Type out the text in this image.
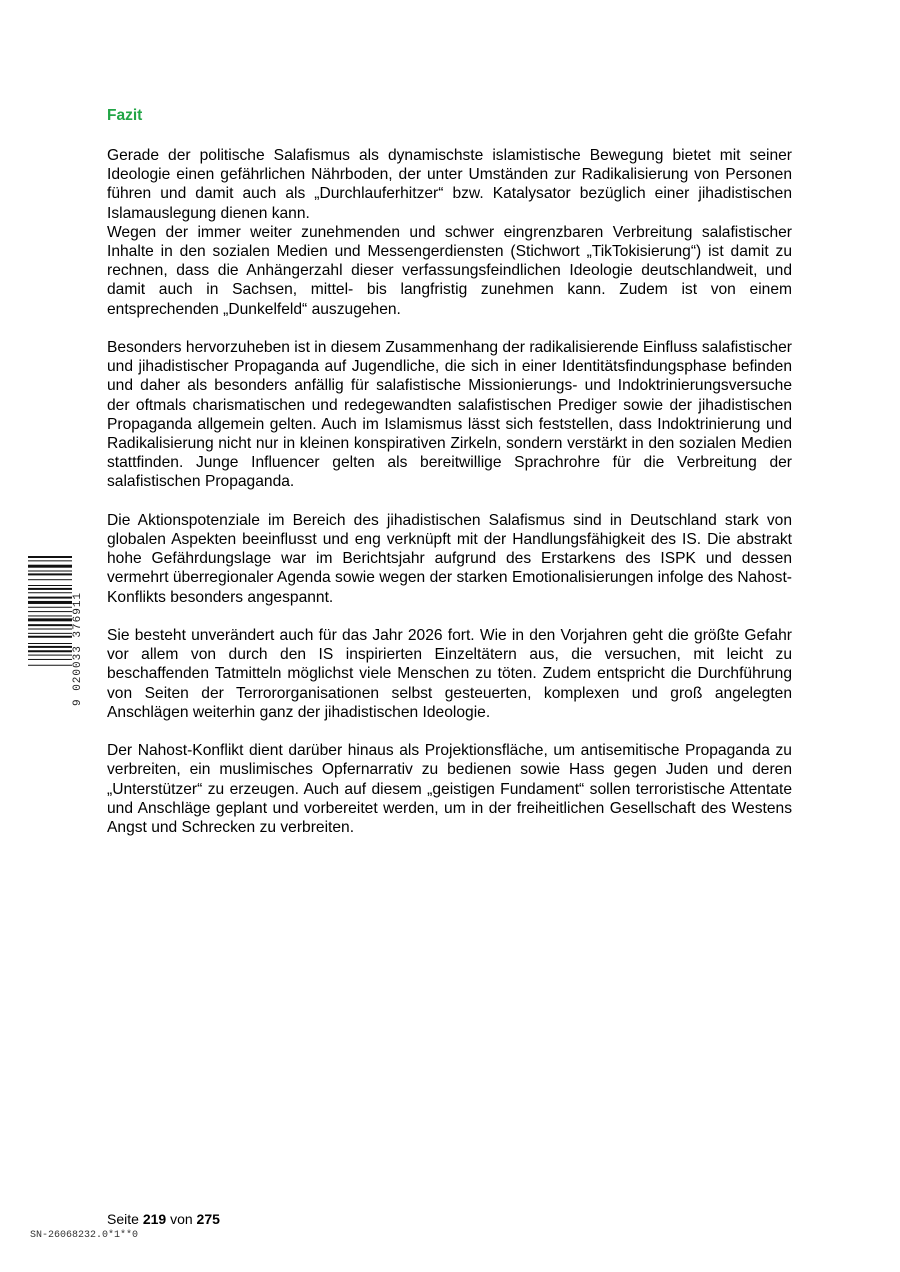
Fazit

Gerade der politische Salafismus als dynamischste islamistische Bewegung bietet mit seiner Ideologie einen gefährlichen Nährboden, der unter Umständen zur Radikalisierung von Personen führen und damit auch als „Durchlauferhitzer“ bzw. Katalysator bezüglich einer jihadistischen Islamauslegung dienen kann.
Wegen der immer weiter zunehmenden und schwer eingrenzbaren Verbreitung salafistischer Inhalte in den sozialen Medien und Messengerdiensten (Stichwort „TikTokisierung“) ist damit zu rechnen, dass die Anhängerzahl dieser verfassungsfeindlichen Ideologie deutschlandweit, und damit auch in Sachsen, mittel- bis langfristig zunehmen kann. Zudem ist von einem entsprechenden „Dunkelfeld“ auszugehen.

Besonders hervorzuheben ist in diesem Zusammenhang der radikalisierende Einfluss salafistischer und jihadistischer Propaganda auf Jugendliche, die sich in einer Identitätsfindungsphase befinden und daher als besonders anfällig für salafistische Missionierungs- und Indoktrinierungsversuche der oftmals charismatischen und redegewandten salafistischen Prediger sowie der jihadistischen Propaganda allgemein gelten. Auch im Islamismus lässt sich feststellen, dass Indoktrinierung und Radikalisierung nicht nur in kleinen konspirativen Zirkeln, sondern verstärkt in den sozialen Medien stattfinden. Junge Influencer gelten als bereitwillige Sprachrohre für die Verbreitung der salafistischen Propaganda.

Die Aktionspotenziale im Bereich des jihadistischen Salafismus sind in Deutschland stark von globalen Aspekten beeinflusst und eng verknüpft mit der Handlungsfähigkeit des IS. Die abstrakt hohe Gefährdungslage war im Berichtsjahr aufgrund des Erstarkens des ISPK und dessen vermehrt überregionaler Agenda sowie wegen der starken Emotionalisierungen infolge des Nahost-Konflikts besonders angespannt.

Sie besteht unverändert auch für das Jahr 2026 fort. Wie in den Vorjahren geht die größte Gefahr vor allem von durch den IS inspirierten Einzeltätern aus, die versuchen, mit leicht zu beschaffenden Tatmitteln möglichst viele Menschen zu töten. Zudem entspricht die Durchführung von Seiten der Terrororganisationen selbst gesteuerten, komplexen und groß angelegten Anschlägen weiterhin ganz der jihadistischen Ideologie.

Der Nahost-Konflikt dient darüber hinaus als Projektionsfläche, um antisemitische Propaganda zu verbreiten, ein muslimisches Opfernarrativ zu bedienen sowie Hass gegen Juden und deren „Unterstützer“ zu erzeugen. Auch auf diesem „geistigen Fundament“ sollen terroristische Attentate und Anschläge geplant und vorbereitet werden, um in der freiheitlichen Gesellschaft des Westens Angst und Schrecken zu verbreiten.

9 020033 376911
Seite 219 von 275
SN-26068232.0*1**0
